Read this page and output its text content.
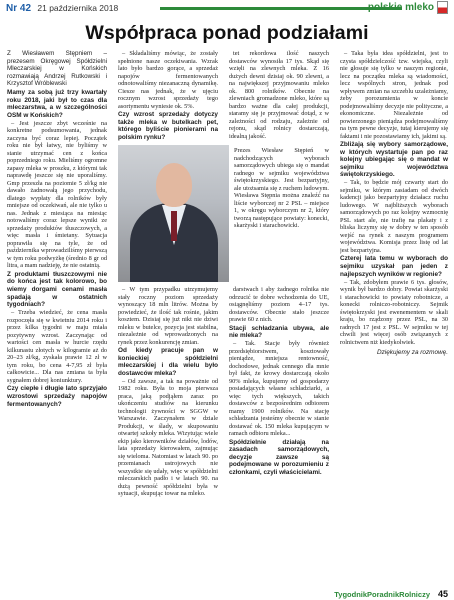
Nr 42 21 października 2018	polskie mleko
Współpraca ponad podziałami

Z Wiesławem Stępniem – prezesem Okręgowej Spółdzielni Mleczarskiej w Końskich rozmawiają Andrzej Rutkowski i Krzysztof Wróblewski

Mamy za sobą już trzy kwartały roku 2018, jaki był to czas dla mleczarstwa, a w szczególności OSM w Końskich?

– Jest jeszcze zbyt wcześnie na konkretne podsumowania, jednak zaczyna być coraz lepiej. Początek roku nie był łatwy, nie byliśmy w stanie utrzymać cen z końca poprzedniego roku. Mieliśmy ogromne zapasy mleka w proszku, z którymi tak naprawdę jeszcze się nie uporaliśmy. Gmp przeszła na poziomie 5 zł/kg nie dawało żadnowałą jego przychodu, dlatego wypłaty dla rolników były mniejsze od oczekiwań, ale nie tylko u nas. Jednak z miesiąca na miesiąc notowaliśmy coraz lepsze wyniki ze sprzedaży produktów tłuszczowych, a więc masła i śmietany. Sytuacja poprawiła się na tyle, że od października wprowadziliśmy pierwszą w tym roku podwyżkę (średnio 8 gr od litra, a mam nadzieję, że nie ostatnią.

Z produktami tłuszczowymi nie do końca jest tak kolorowo, bo wiemy dorgami cenami masła spadają w ostatnich tygodniach?

– Trzeba wiedzieć, że cena masła rozpoczęła się w kwietniu 2014 roku i przez kilka tygodni w maju miała pozytywny wzrost. Zaczynając od wartości cen masła w hurcie rzędu kilkunastu złotych w kilogramie aż do 20–23 zł/kg, zyskała prawie 12 zł w tym roku, bo cena 4-7,95 zł była całkowicie... Dla nas zmiana ta była sygnałem dobrej koniunktury.

Czy ciepłe i długie lato sprzyjało wzrostowi sprzedaży napojów fermentowanych?

– Składaliśmy mówiąc, że zostały spełnione nasze oczekiwania. Wzrak lato było bardzo gorące, a sprzedaż napojów fermentowanych odnotowaliśmy niezanaczną dynamikę. Ciesze nas jednak, że w ujęciu rocznym wzrost sprzedaży tego asortymentu wyniesie ok. 5%.

Czy wzrost sprzedaży dotyczy także mleka w butelkach pet, którego byliście pionierami na polskim rynku?

Prezes Wiesław Stępień w nadchodzących wyborach samorządowych ubiega się o mandat radnego w sejmiku województwa świętokrzyskiego. Jest bezpartyjny, ale utożsamia się z ruchem ludowym. Wiesława Stępnia można znaleźć na liście wyborczej nr 2 PSL – miejsce 1, w okręgu wyborczym nr 2, który tworzą następujące powiaty: konecki, skarżyski i starachowicki.

tet rekordowa ilość naszych dostawców wynosiła 17 tys. Skąd się wzięli na zlewnych mleka. Z 16 dużych dewni dzisiaj ok. 90 zlewni, a na największej przyjmowaniu mleko ok. 800 rolników. Obecnie na zlewniach gromadzone mleko, które są bardzo ważne dla całej produkcji, staramy się je przyjmować dotąd, z w zależności od rodzaju, zależnie od rejonu, skąd rolnicy dostarczają, idealną jakość.

– Taka była idea spółdzielni, jest to czysta spółdzielczość tzw. wiejska, czyli nie głosuje się tylko w naszym regionie, lecz na początku mleka są wiadomości, lecz wspólnych stron, jednak pod wpływem zmian na szczeblu uzależniamy, żeby porozumienia w koncie podejmowaliśmy decyzje nie polityczne, a ekonomiczne. Niezależnie od powierzonego pieniądza podejmowaliśmy na tym pewne decyzje, tutaj kierujemy się faktami i nie pozostawiamy ich, jakimi są.

Zbliżają się wybory samorządowe, w których wystartuje pan po raz kolejny ubiegając się o mandat w sejmiku województwa świętokrzyskiego.

– Tak, to będzie mój czwarty start do sejmiku, w którym zasiadam od dwóch kadencji jako bezpartyjny działacz ruchu ludowego. W najbliższych wyborach samorządowych po raz kolejny wzmocnię PSL start ale, nie trafię na plakaty i z bliska liczymy się w dobry w ten sposób wejść na rynek z naszym programem województwa. Komisja przez listę od lat jest bezpartyjna.

Czterej lata temu w wyborach do sejmiku uzyskał pan jeden z najlepszych wyników w regionie?

– Tak, zdobyłem prawie 6 tys. głosów, wynik był bardzo dobry. Powiat skarżyski i starachowicki to powiaty robotnicze, a konecki rolniczo-robotniczy. Sejmik świętokrzyski jest ewenementem w skali kraju, bo rządzony przez PSL, na 30 radnych 17 jest z PSL. W sejmiku w tej chwili jest więcej osób związanych z rolnictwem niż kiedykolwiek.

Dziękujemy za rozmowę.

TygodnikPoradnikRolniczy 45

– W tym przypadku utrzymujemy stały roczny poziom sprzedaży wynoszący 18 mln litrów. Można by powiedzieć, że ilość tak rośnie, jakim kosztem. Dzisiaj się już nikt nie dziwi mleku w butelce, pozycja jest stabilna, niezależnie od wprowadzonych na rynek przez konkurencję zmian.

Od kiedy pracuje pan w konieckiej spółdzielni mleczarskiej i dla wielu było dostawców mleka?

– Od zawsze, a tak na poważnie od 1982 roku. Była to moja pierwsza praca, jaką podjąłem zaraz po ukończeniu studiów na kierunku technologii żywności w SGGW w Warszawie. Zaczynałem w dziale Produkcji, w ślady, w skupowaniu otwartej szkoły mleka. Wizytując wiele ekip jako kierowników działów, lodów, lata sprzedaży kierowałem, zajmując się wieloma. Natomiast w latach 90. po przemianach ustrojowych nie wszystkie się udały, więc w spółdzielni mleczarskich padło i w latach 90. na dużą pewność spółdzielni była w sytuacji, skupując towar na mleko.

darstwach i aby żadnego rolnika nie odrzucić te dobre wchodzenia do UE, osiągnęliśmy poziom 4–17 tys. dostawców. Obecnie stało jeszcze prawie 60 z nich.

Stacji schładzania ubywa, ale nie mleka?

– Tak. Stacje były również przedsiębiorstwem, kosztowały pieniądze, mniejsza rentowność, dochodowe, jednak cennego dla mnie był fakt, że krowy dostarczają około 90% mleka, kupujemy od gospodarzy posiadających własne schładziarki, a więc tych większych, takich dostawców z bezpośrednim odbiorem mamy 1900 rolników. Na stację schładzania jesteśmy obecnie w stanie dostawać ok. 150 mleka kupującym w ramach odbioru mleka...

Spółdzielnie działają na zasadach samorządowych, decyzje zawsze są podejmowane w porozumieniu z członkami, czyli właścicielami.
